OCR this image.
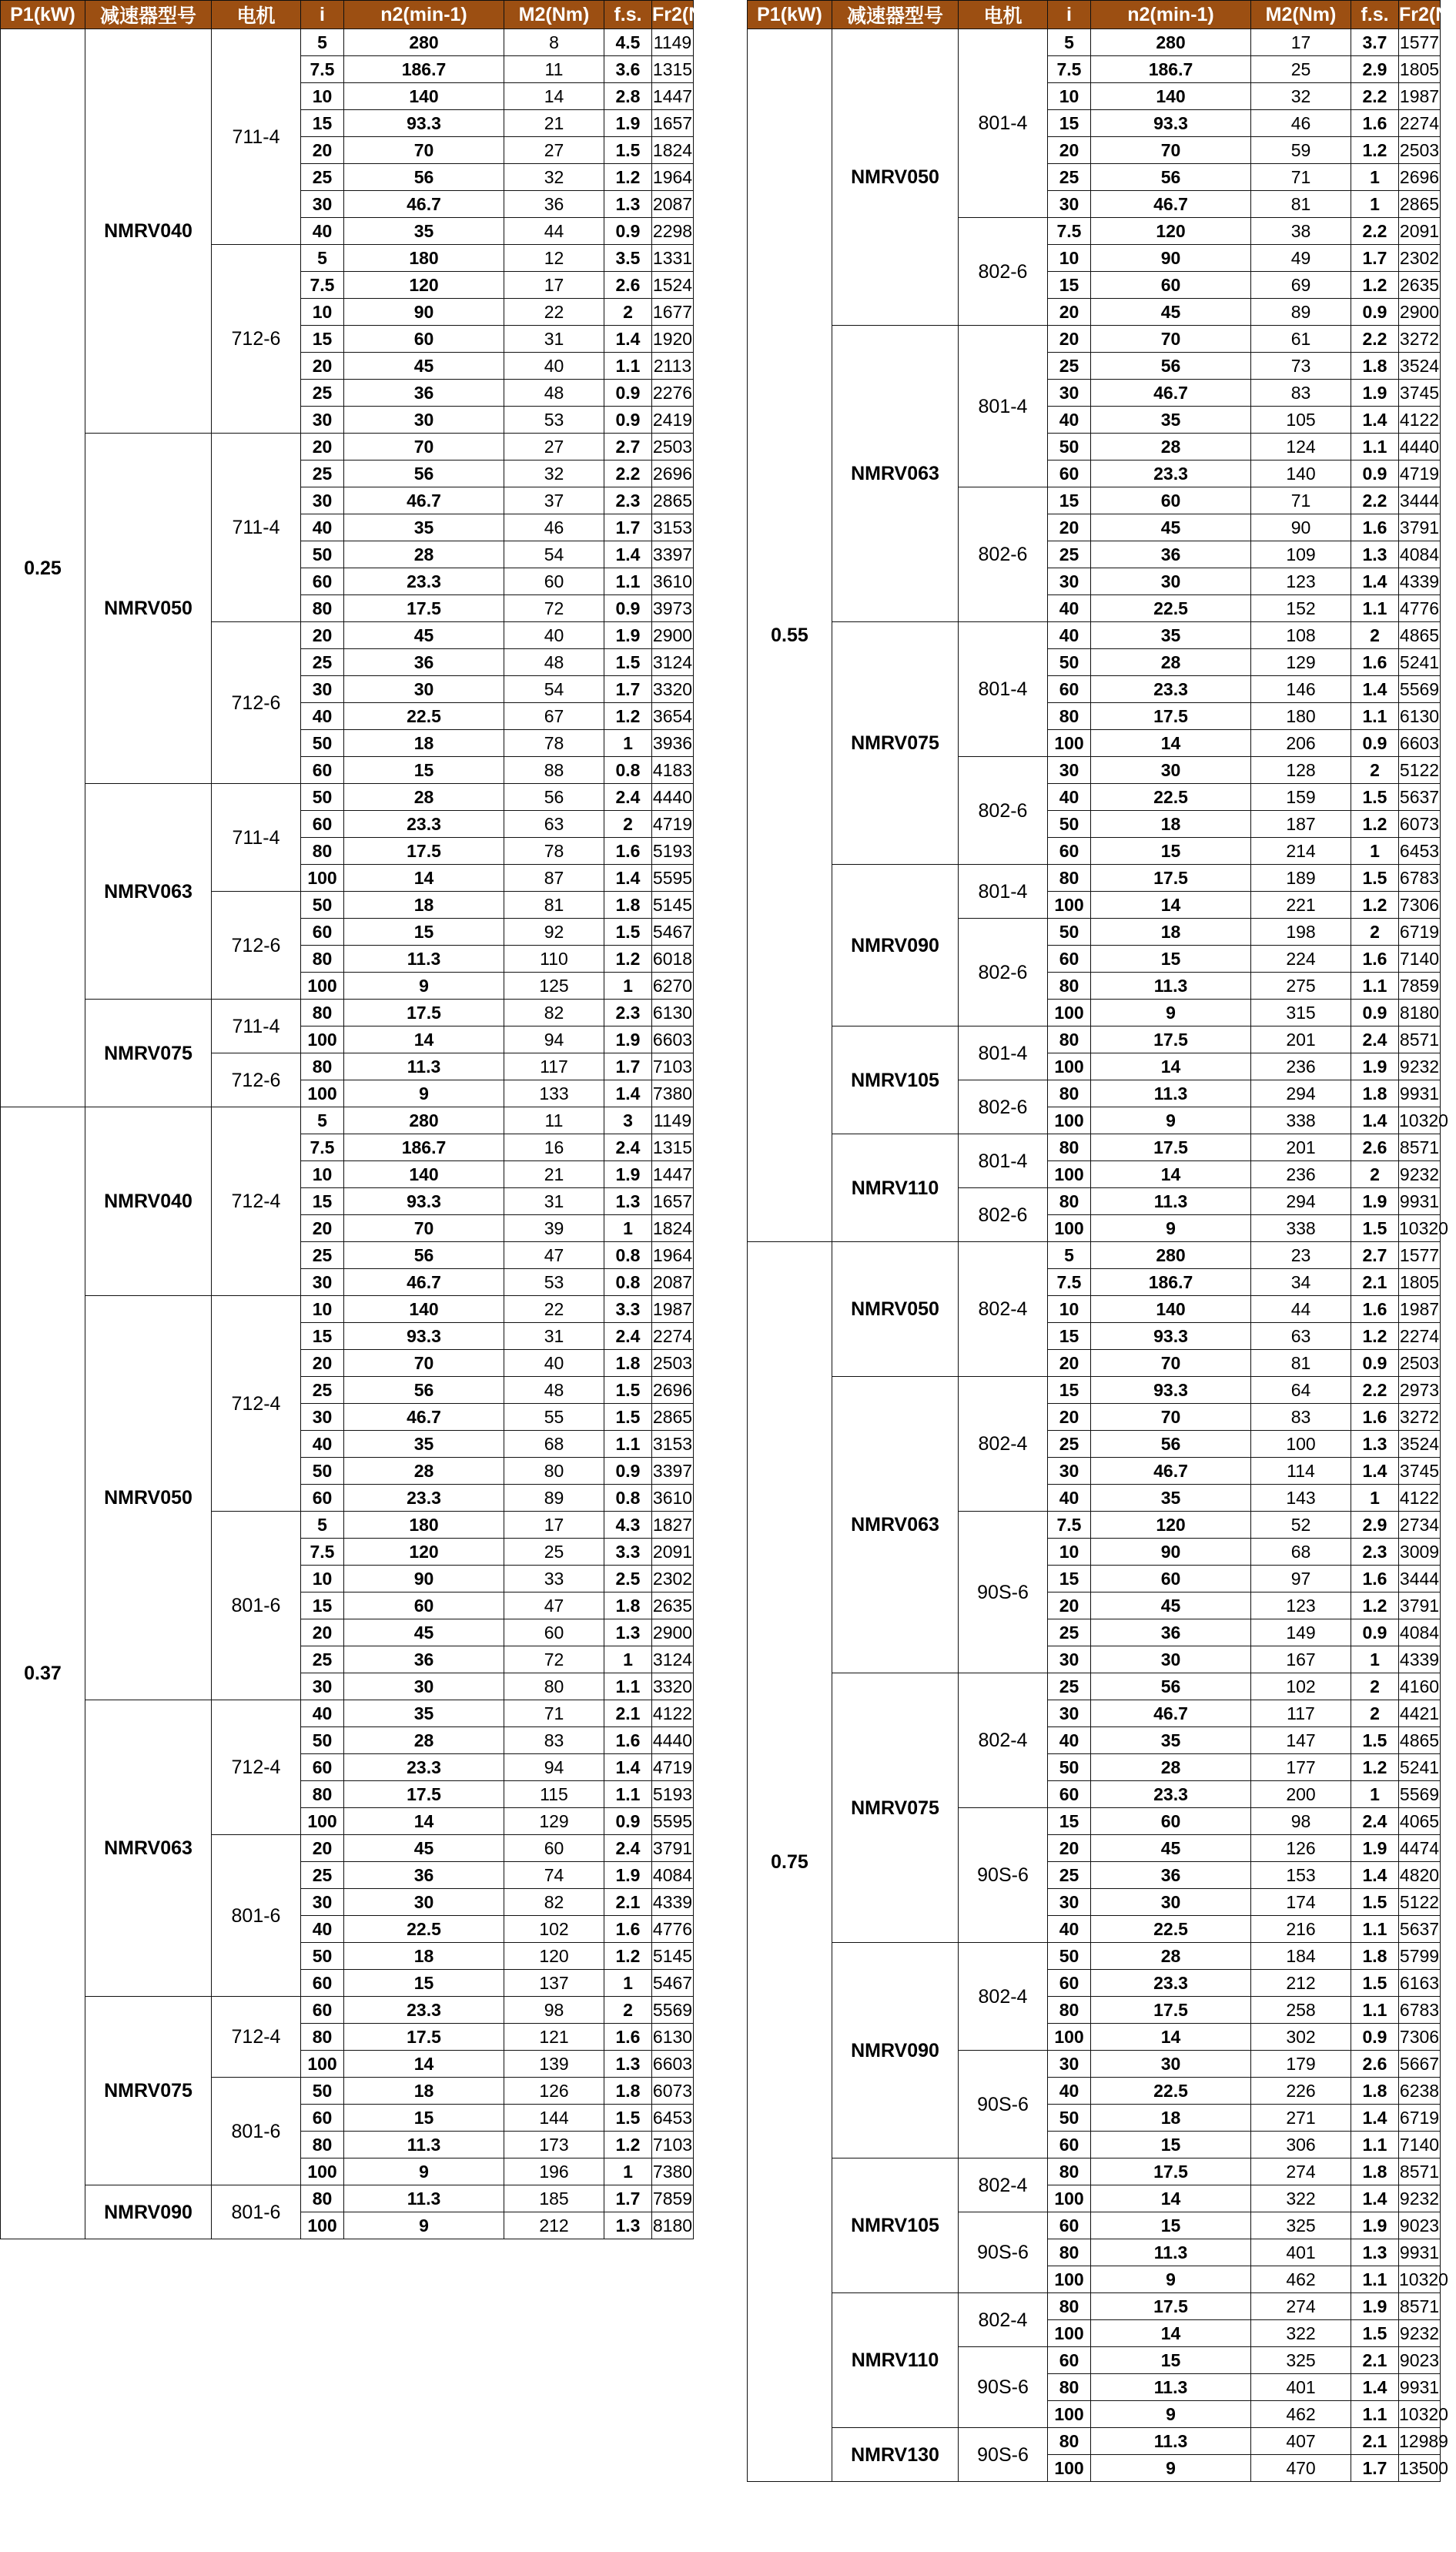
P1(kW)	减速器型号	电机	i	n2(min-1)	M2(Nm)	f.s.	Fr2(N)
0.25	NMRV040	711-4	5	280	8	4.5	1149
			7.5	186.7	11	3.6	1315
			10	140	14	2.8	1447
			15	93.3	21	1.9	1657
			20	70	27	1.5	1824
			25	56	32	1.2	1964
			30	46.7	36	1.3	2087
			40	35	44	0.9	2298
		712-6	5	180	12	3.5	1331
			7.5	120	17	2.6	1524
			10	90	22	2	1677
			15	60	31	1.4	1920
			20	45	40	1.1	2113
			25	36	48	0.9	2276
			30	30	53	0.9	2419
	NMRV050	711-4	20	70	27	2.7	2503
			25	56	32	2.2	2696
			30	46.7	37	2.3	2865
			40	35	46	1.7	3153
			50	28	54	1.4	3397
			60	23.3	60	1.1	3610
			80	17.5	72	0.9	3973
		712-6	20	45	40	1.9	2900
			25	36	48	1.5	3124
			30	30	54	1.7	3320
			40	22.5	67	1.2	3654
			50	18	78	1	3936
			60	15	88	0.8	4183
	NMRV063	711-4	50	28	56	2.4	4440
			60	23.3	63	2	4719
			80	17.5	78	1.6	5193
			100	14	87	1.4	5595
		712-6	50	18	81	1.8	5145
			60	15	92	1.5	5467
			80	11.3	110	1.2	6018
			100	9	125	1	6270
	NMRV075	711-4	80	17.5	82	2.3	6130
			100	14	94	1.9	6603
		712-6	80	11.3	117	1.7	7103
			100	9	133	1.4	7380
0.37	NMRV040	712-4	5	280	11	3	1149
			7.5	186.7	16	2.4	1315
			10	140	21	1.9	1447
			15	93.3	31	1.3	1657
			20	70	39	1	1824
			25	56	47	0.8	1964
			30	46.7	53	0.8	2087
	NMRV050	712-4	10	140	22	3.3	1987
			15	93.3	31	2.4	2274
			20	70	40	1.8	2503
			25	56	48	1.5	2696
			30	46.7	55	1.5	2865
			40	35	68	1.1	3153
			50	28	80	0.9	3397
			60	23.3	89	0.8	3610
		801-6	5	180	17	4.3	1827
			7.5	120	25	3.3	2091
			10	90	33	2.5	2302
			15	60	47	1.8	2635
			20	45	60	1.3	2900
			25	36	72	1	3124
			30	30	80	1.1	3320
	NMRV063	712-4	40	35	71	2.1	4122
			50	28	83	1.6	4440
			60	23.3	94	1.4	4719
			80	17.5	115	1.1	5193
			100	14	129	0.9	5595
		801-6	20	45	60	2.4	3791
			25	36	74	1.9	4084
			30	30	82	2.1	4339
			40	22.5	102	1.6	4776
			50	18	120	1.2	5145
			60	15	137	1	5467
	NMRV075	712-4	60	23.3	98	2	5569
			80	17.5	121	1.6	6130
			100	14	139	1.3	6603
		801-6	50	18	126	1.8	6073
			60	15	144	1.5	6453
			80	11.3	173	1.2	7103
			100	9	196	1	7380
	NMRV090	801-6	80	11.3	185	1.7	7859
			100	9	212	1.3	8180
P1(kW)	减速器型号	电机	i	n2(min-1)	M2(Nm)	f.s.	Fr2(N)
0.55	NMRV050	801-4	5	280	17	3.7	1577
			7.5	186.7	25	2.9	1805
			10	140	32	2.2	1987
			15	93.3	46	1.6	2274
			20	70	59	1.2	2503
			25	56	71	1	2696
			30	46.7	81	1	2865
		802-6	7.5	120	38	2.2	2091
			10	90	49	1.7	2302
			15	60	69	1.2	2635
			20	45	89	0.9	2900
	NMRV063	801-4	20	70	61	2.2	3272
			25	56	73	1.8	3524
			30	46.7	83	1.9	3745
			40	35	105	1.4	4122
			50	28	124	1.1	4440
			60	23.3	140	0.9	4719
		802-6	15	60	71	2.2	3444
			20	45	90	1.6	3791
			25	36	109	1.3	4084
			30	30	123	1.4	4339
			40	22.5	152	1.1	4776
	NMRV075	801-4	40	35	108	2	4865
			50	28	129	1.6	5241
			60	23.3	146	1.4	5569
			80	17.5	180	1.1	6130
			100	14	206	0.9	6603
		802-6	30	30	128	2	5122
			40	22.5	159	1.5	5637
			50	18	187	1.2	6073
			60	15	214	1	6453
	NMRV090	801-4	80	17.5	189	1.5	6783
			100	14	221	1.2	7306
		802-6	50	18	198	2	6719
			60	15	224	1.6	7140
			80	11.3	275	1.1	7859
			100	9	315	0.9	8180
	NMRV105	801-4	80	17.5	201	2.4	8571
			100	14	236	1.9	9232
		802-6	80	11.3	294	1.8	9931
			100	9	338	1.4	10320
	NMRV110	801-4	80	17.5	201	2.6	8571
			100	14	236	2	9232
		802-6	80	11.3	294	1.9	9931
			100	9	338	1.5	10320
0.75	NMRV050	802-4	5	280	23	2.7	1577
			7.5	186.7	34	2.1	1805
			10	140	44	1.6	1987
			15	93.3	63	1.2	2274
			20	70	81	0.9	2503
	NMRV063	802-4	15	93.3	64	2.2	2973
			20	70	83	1.6	3272
			25	56	100	1.3	3524
			30	46.7	114	1.4	3745
			40	35	143	1	4122
		90S-6	7.5	120	52	2.9	2734
			10	90	68	2.3	3009
			15	60	97	1.6	3444
			20	45	123	1.2	3791
			25	36	149	0.9	4084
			30	30	167	1	4339
	NMRV075	802-4	25	56	102	2	4160
			30	46.7	117	2	4421
			40	35	147	1.5	4865
			50	28	177	1.2	5241
			60	23.3	200	1	5569
		90S-6	15	60	98	2.4	4065
			20	45	126	1.9	4474
			25	36	153	1.4	4820
			30	30	174	1.5	5122
			40	22.5	216	1.1	5637
	NMRV090	802-4	50	28	184	1.8	5799
			60	23.3	212	1.5	6163
			80	17.5	258	1.1	6783
			100	14	302	0.9	7306
		90S-6	30	30	179	2.6	5667
			40	22.5	226	1.8	6238
			50	18	271	1.4	6719
			60	15	306	1.1	7140
	NMRV105	802-4	80	17.5	274	1.8	8571
			100	14	322	1.4	9232
		90S-6	60	15	325	1.9	9023
			80	11.3	401	1.3	9931
			100	9	462	1.1	10320
	NMRV110	802-4	80	17.5	274	1.9	8571
			100	14	322	1.5	9232
		90S-6	60	15	325	2.1	9023
			80	11.3	401	1.4	9931
			100	9	462	1.1	10320
	NMRV130	90S-6	80	11.3	407	2.1	12989
			100	9	470	1.7	13500
